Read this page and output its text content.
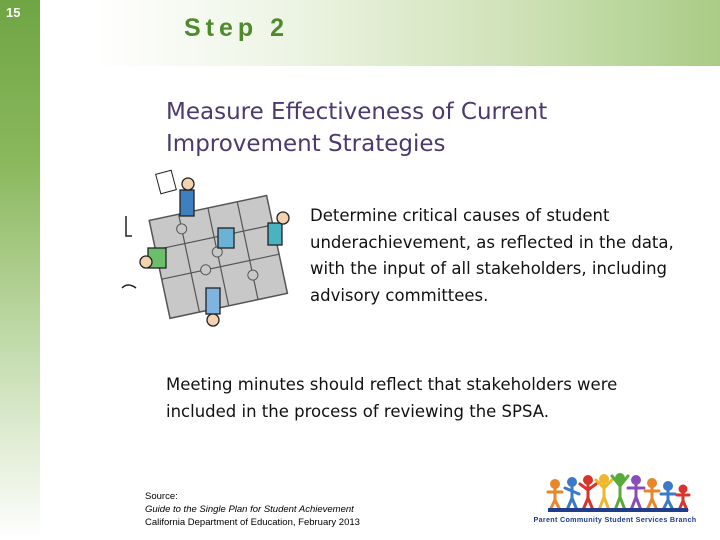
15
Step 2
Measure Effectiveness of Current Improvement Strategies
Determine critical causes of student underachievement, as reflected in the data, with the input of all stakeholders, including advisory committees.
Meeting minutes should reflect that stakeholders were included in the process of reviewing the SPSA.
Source:
Guide to the Single Plan for Student Achievement
California Department of Education, February 2013	Parent Community Student Services Branch
